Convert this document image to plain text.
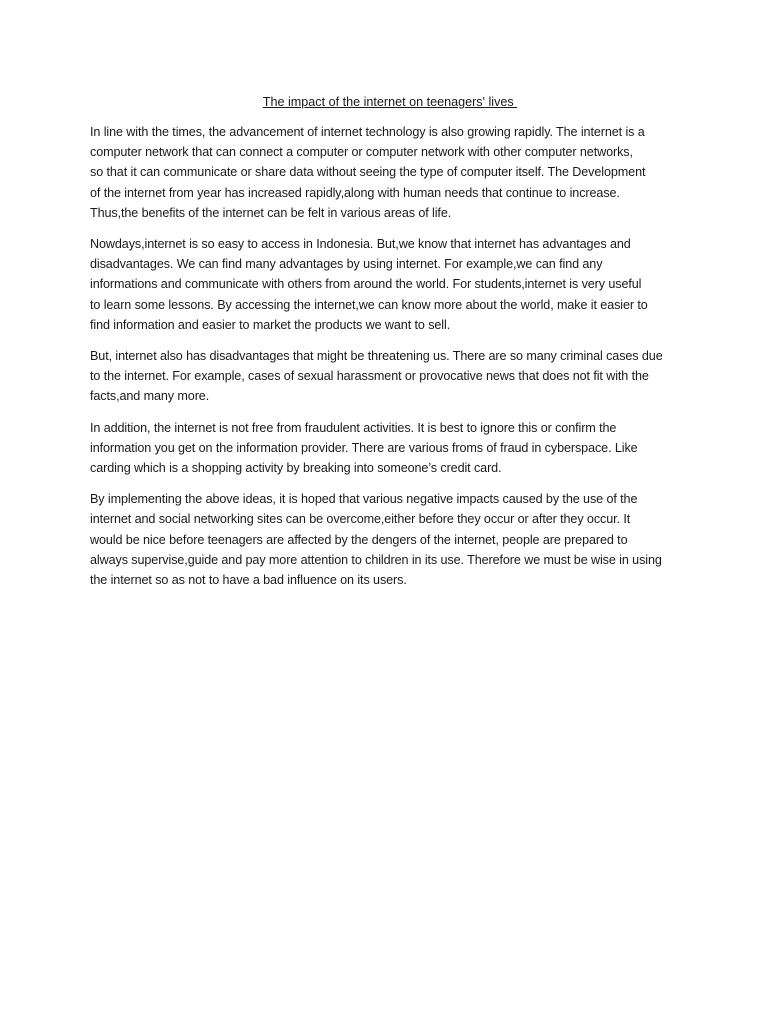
The impact of the internet on teenagers' lives

In line with the times, the advancement of internet technology is also growing rapidly. The internet is a
computer network that can connect a computer or computer network with other computer networks,
so that it can communicate or share data without seeing the type of computer itself. The Development
of the internet from year has increased rapidly,along with human needs that continue to increase.
Thus,the benefits of the internet can be felt in various areas of life.

Nowdays,internet is so easy to access in Indonesia. But,we know that internet has advantages and
disadvantages. We can find many advantages by using internet. For example,we can find any
informations and communicate with others from around the world. For students,internet is very useful
to learn some lessons. By accessing the internet,we can know more about the world, make it easier to
find information and easier to market the products we want to sell.

But, internet also has disadvantages that might be threatening us. There are so many criminal cases due
to the internet. For example, cases of sexual harassment or provocative news that does not fit with the
facts,and many more.

In addition, the internet is not free from fraudulent activities. It is best to ignore this or confirm the
information you get on the information provider. There are various froms of fraud in cyberspace. Like
carding which is a shopping activity by breaking into someone’s credit card.

By implementing the above ideas, it is hoped that various negative impacts caused by the use of the
internet and social networking sites can be overcome,either before they occur or after they occur. It
would be nice before teenagers are affected by the dengers of the internet, people are prepared to
always supervise,guide and pay more attention to children in its use. Therefore we must be wise in using
the internet so as not to have a bad influence on its users.
